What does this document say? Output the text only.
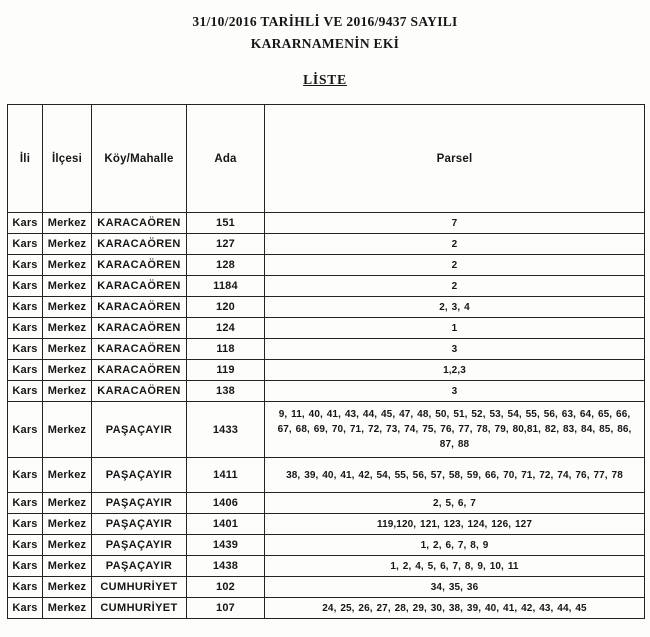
31/10/2016 TARİHLİ VE 2016/9437 SAYILI
KARARNAMENİN EKİ
LİSTE
İli	İlçesi	Köy/Mahalle	Ada	Parsel
Kars	Merkez	KARACAÖREN	151	7
Kars	Merkez	KARACAÖREN	127	2
Kars	Merkez	KARACAÖREN	128	2
Kars	Merkez	KARACAÖREN	1184	2
Kars	Merkez	KARACAÖREN	120	2, 3, 4
Kars	Merkez	KARACAÖREN	124	1
Kars	Merkez	KARACAÖREN	118	3
Kars	Merkez	KARACAÖREN	119	1,2,3
Kars	Merkez	KARACAÖREN	138	3
Kars	Merkez	PAŞAÇAYIR	1433	9, 11, 40, 41, 43, 44, 45, 47, 48, 50, 51, 52, 53, 54, 55, 56, 63, 64, 65, 66, 67, 68, 69, 70, 71, 72, 73, 74, 75, 76, 77, 78, 79, 80,81, 82, 83, 84, 85, 86, 87, 88
Kars	Merkez	PAŞAÇAYIR	1411	38, 39, 40, 41, 42, 54, 55, 56, 57, 58, 59, 66, 70, 71, 72, 74, 76, 77, 78
Kars	Merkez	PAŞAÇAYIR	1406	2, 5, 6, 7
Kars	Merkez	PAŞAÇAYIR	1401	119,120, 121, 123, 124, 126, 127
Kars	Merkez	PAŞAÇAYIR	1439	1, 2, 6, 7, 8, 9
Kars	Merkez	PAŞAÇAYIR	1438	1, 2, 4, 5, 6, 7, 8, 9, 10, 11
Kars	Merkez	CUMHURİYET	102	34, 35, 36
Kars	Merkez	CUMHURİYET	107	24, 25, 26, 27, 28, 29, 30, 38, 39, 40, 41, 42, 43, 44, 45
